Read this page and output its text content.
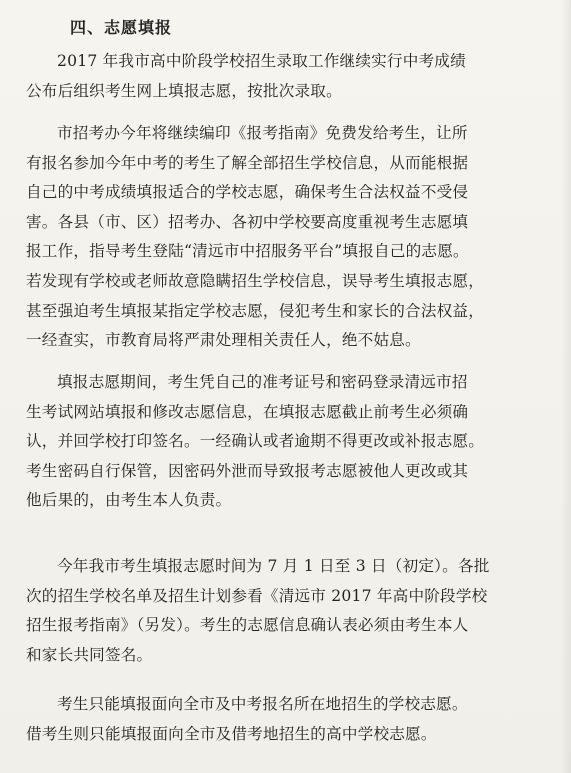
四、志愿填报
2017 年我市高中阶段学校招生录取工作继续实行中考成绩
公布后组织考生网上填报志愿，按批次录取。
市招考办今年将继续编印《报考指南》免费发给考生，让所
有报名参加今年中考的考生了解全部招生学校信息，从而能根据
自己的中考成绩填报适合的学校志愿，确保考生合法权益不受侵
害。各县（市、区）招考办、各初中学校要高度重视考生志愿填
报工作，指导考生登陆“清远市中招服务平台”填报自己的志愿。
若发现有学校或老师故意隐瞒招生学校信息，误导考生填报志愿，
甚至强迫考生填报某指定学校志愿，侵犯考生和家长的合法权益，
一经查实，市教育局将严肃处理相关责任人，绝不姑息。
填报志愿期间，考生凭自己的准考证号和密码登录清远市招
生考试网站填报和修改志愿信息，在填报志愿截止前考生必须确
认，并回学校打印签名。一经确认或者逾期不得更改或补报志愿。
考生密码自行保管，因密码外泄而导致报考志愿被他人更改或其
他后果的，由考生本人负责。
今年我市考生填报志愿时间为 7 月 1 日至 3 日（初定）。各批
次的招生学校名单及招生计划参看《清远市 2017 年高中阶段学校
招生报考指南》（另发）。考生的志愿信息确认表必须由考生本人
和家长共同签名。
考生只能填报面向全市及中考报名所在地招生的学校志愿。
借考生则只能填报面向全市及借考地招生的高中学校志愿。
